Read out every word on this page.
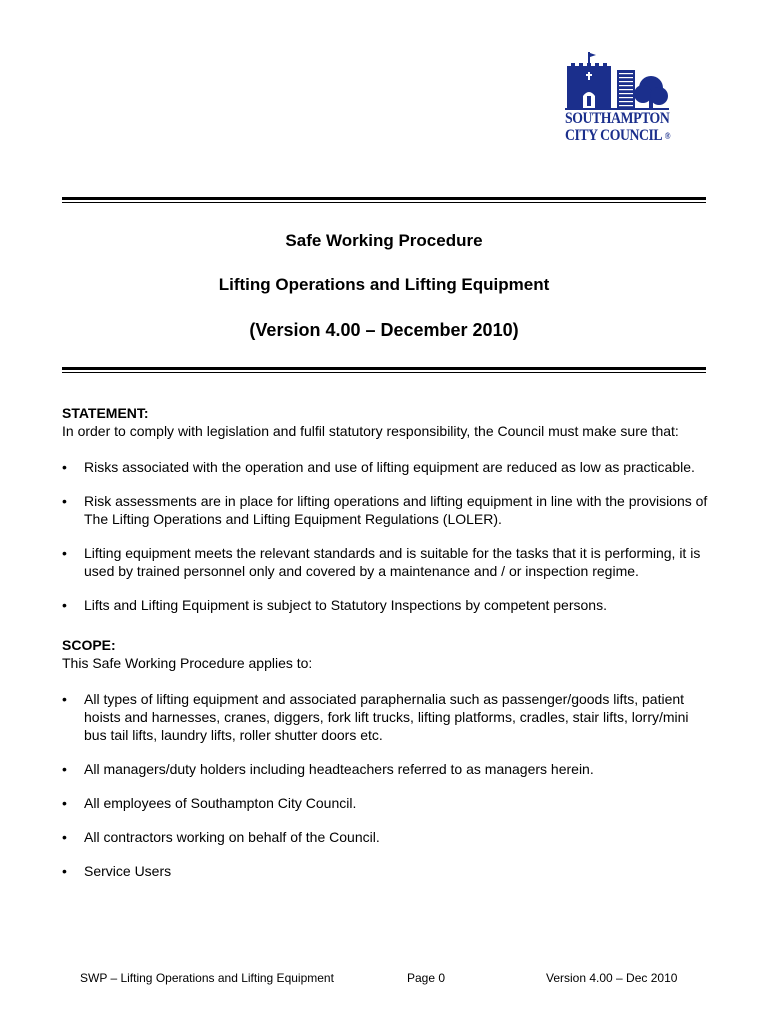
SOUTHAMPTON
CITY COUNCIL ®
Safe Working Procedure
Lifting Operations and Lifting Equipment
(Version 4.00 – December 2010)
STATEMENT:
In order to comply with legislation and fulfil statutory responsibility, the Council must make sure that:
• Risks associated with the operation and use of lifting equipment are reduced as low as practicable.
• Risk assessments are in place for lifting operations and lifting equipment in line with the provisions of The Lifting Operations and Lifting Equipment Regulations (LOLER).
• Lifting equipment meets the relevant standards and is suitable for the tasks that it is performing, it is used by trained personnel only and covered by a maintenance and / or inspection regime.
• Lifts and Lifting Equipment is subject to Statutory Inspections by competent persons.
SCOPE:
This Safe Working Procedure applies to:
• All types of lifting equipment and associated paraphernalia such as passenger/goods lifts, patient hoists and harnesses, cranes, diggers, fork lift trucks, lifting platforms, cradles, stair lifts, lorry/mini bus tail lifts, laundry lifts, roller shutter doors etc.
• All managers/duty holders including headteachers referred to as managers herein.
• All employees of Southampton City Council.
• All contractors working on behalf of the Council.
• Service Users
SWP – Lifting Operations and Lifting Equipment	Page 0	Version 4.00 – Dec 2010
